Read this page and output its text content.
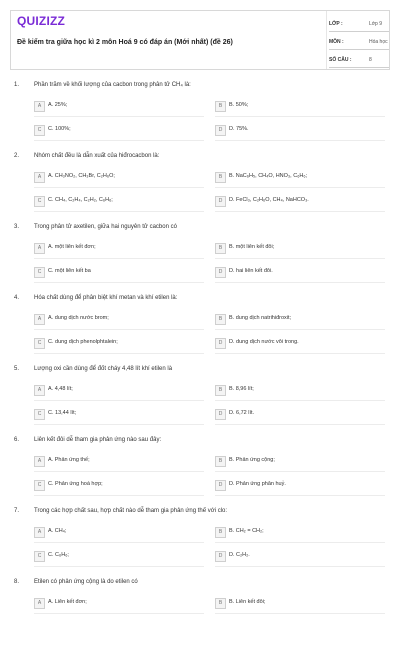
QUIZIZZ
Đề kiểm tra giữa học kì 2 môn Hoá 9 có đáp án (Mới nhất) (đề 26)
LỚP :	Lớp 9
MÔN :	Hóa học
SỐ CÂU :	8
1. Phần trăm về khối lượng của cacbon trong phân tử CH₄ là:
A	A. 25%;	B	B. 50%;
C	C. 100%;	D	D. 75%.
2. Nhóm chất đều là dẫn xuất của hiđrocacbon là:
A	A. CH₃NO₂, CH₃Br, C₂H₆O;	B	B. NaC₆H₅, CH₄O, HNO₃, C₆H₆;
C	C. CH₄, C₂H₄, C₂H₂, C₆H₆;	D	D. FeCl₃, C₂H₆O, CH₄, NaHCO₃.
3. Trong phân tử axetilen, giữa hai nguyên tử cacbon có
A	A. một liên kết đơn;	B	B. một liên kết đôi;
C	C. một liên kết ba	D	D. hai liên kết đôi.
4. Hóa chất dùng để phân biệt khí metan và khí etilen là:
A	A. dung dịch nước brom;	B	B. dung dịch natrihiđroxit;
C	C. dung dịch phenolphtalein;	D	D. dung dịch nước vôi trong.
5. Lượng oxi cần dùng để đốt cháy 4,48 lít khí etilen là
A	A. 4,48 lít;	B	B. 8,96 lít;
C	C. 13,44 lít;	D	D. 6,72 lít.
6. Liên kết đôi dễ tham gia phản ứng nào sau đây:
A	A. Phản ứng thế;	B	B. Phản ứng cộng;
C	C. Phản ứng hoá hợp;	D	D. Phản ứng phân huỷ.
7. Trong các hợp chất sau, hợp chất nào dễ tham gia phản ứng thế với clo:
A	A. CH₄;	B	B. CH₂ = CH₂;
C	C. C₆H₆;	D	D. C₂H₂.
8. Etilen có phản ứng cộng là do etilen có
A	A. Liên kết đơn;	B	B. Liên kết đôi;
